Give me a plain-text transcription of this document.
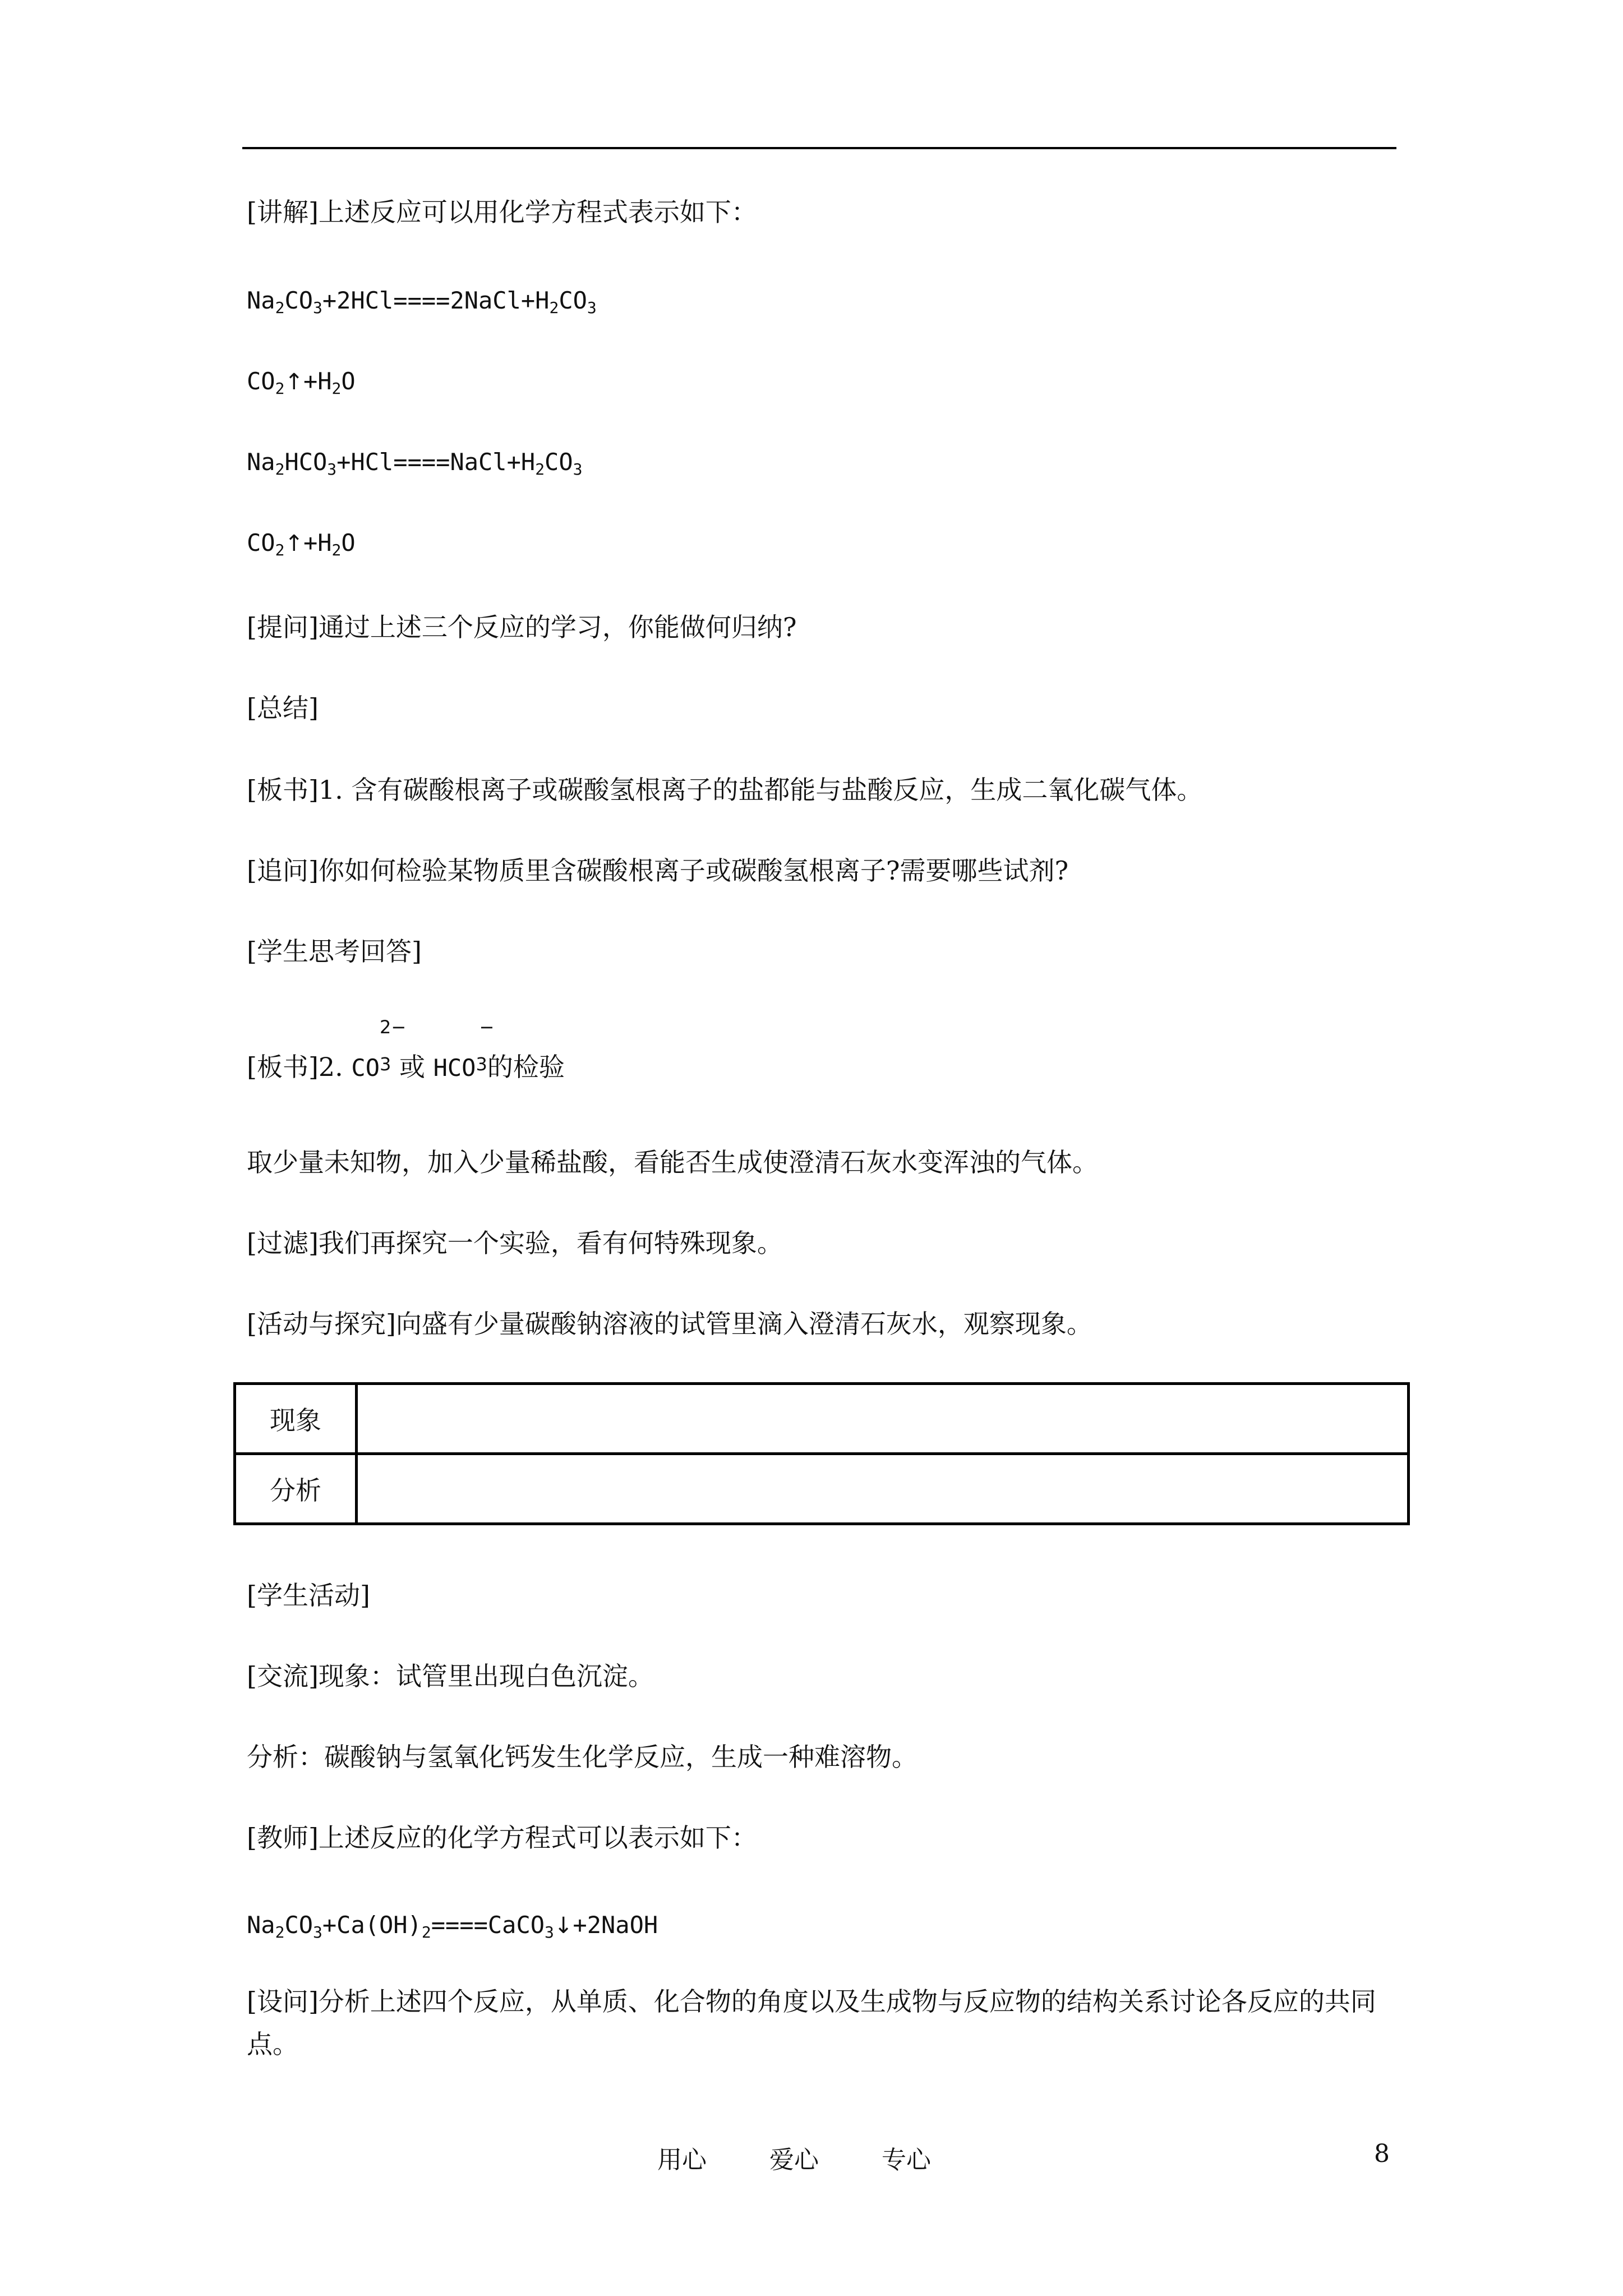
[讲解]上述反应可以用化学方程式表示如下：
$Na_2CO_3+2HCl====2NaCl+H_2CO_3$
$CO_2↑+H_2O$
$Na_2HCO_3+HCl====NaCl+H_2CO_3$
$CO_2↑+H_2O$
[提问]通过上述三个反应的学习，你能做何归纳?
[总结]
[板书]1. 含有碳酸根离子或碳酸氢根离子的盐都能与盐酸反应，生成二氧化碳气体。
[追问]你如何检验某物质里含碳酸根离子或碳酸氢根离子?需要哪些试剂?
[学生思考回答]
[板书]2. CO
2−
$^3$ 或 HCO
−
$^3$的检验
取少量未知物，加入少量稀盐酸，看能否生成使澄清石灰水变浑浊的气体。
[过滤]我们再探究一个实验，看有何特殊现象。
[活动与探究]向盛有少量碳酸钠溶液的试管里滴入澄清石灰水，观察现象。
现象	
分析	
[学生活动]
[交流]现象：试管里出现白色沉淀。
分析：碳酸钠与氢氧化钙发生化学反应，生成一种难溶物。
[教师]上述反应的化学方程式可以表示如下：
$Na_2CO_3+Ca(OH)_2====CaCO_3↓+2NaOH$
[设问]分析上述四个反应，从单质、化合物的角度以及生成物与反应物的结构关系讨论各反应的共同点。
用心	爱心	专心	8
